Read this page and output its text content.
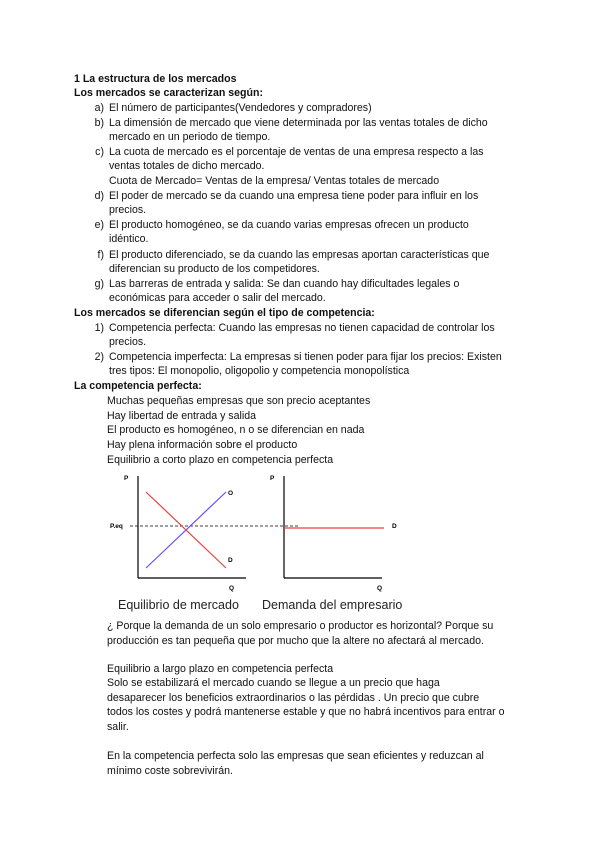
1 La estructura de los mercados
Los mercados se caracterizan según:
a) El número de participantes(Vendedores y compradores)
b) La dimensión de mercado que viene determinada por las ventas totales de dicho
mercado en un periodo de tiempo.
c) La cuota de mercado es el porcentaje de ventas de una empresa respecto a las
ventas totales de dicho mercado.
Cuota de Mercado= Ventas de la empresa/ Ventas totales de mercado
d) El poder de mercado se da cuando una empresa tiene poder para influir en los
precios.
e) El producto homogéneo, se da cuando varias empresas ofrecen un producto
idéntico.
f) El producto diferenciado, se da cuando las empresas aportan características que
diferencian su producto de los competidores.
g) Las barreras de entrada y salida: Se dan cuando hay dificultades legales o
económicas para acceder o salir del mercado.
Los mercados se diferencian según el tipo de competencia:
1) Competencia perfecta: Cuando las empresas no tienen capacidad de controlar los
precios.
2) Competencia imperfecta: La empresas si tienen poder para fijar los precios: Existen
tres tipos: El monopolio, oligopolio y competencia monopolística
La competencia perfecta:
Muchas pequeñas empresas que son precio aceptantes
Hay libertad de entrada y salida
El producto es homogéneo, n o se diferencian en nada
Hay plena información sobre el producto
Equilibrio a corto plazo en competencia perfecta
P
Q
P.eq
O
D
P
Q
D
Equilibrio de mercado Demanda del empresario
¿ Porque la demanda de un solo empresario o productor es horizontal? Porque su
producción es tan pequeña que por mucho que la altere no afectará al mercado.
Equilibrio a largo plazo en competencia perfecta
Solo se estabilizará el mercado cuando se llegue a un precio que haga
desaparecer los beneficios extraordinarios o las pérdidas . Un precio que cubre
todos los costes y podrá mantenerse estable y que no habrá incentivos para entrar o
salir.
En la competencia perfecta solo las empresas que sean eficientes y reduzcan al
mínimo coste sobrevivirán.
